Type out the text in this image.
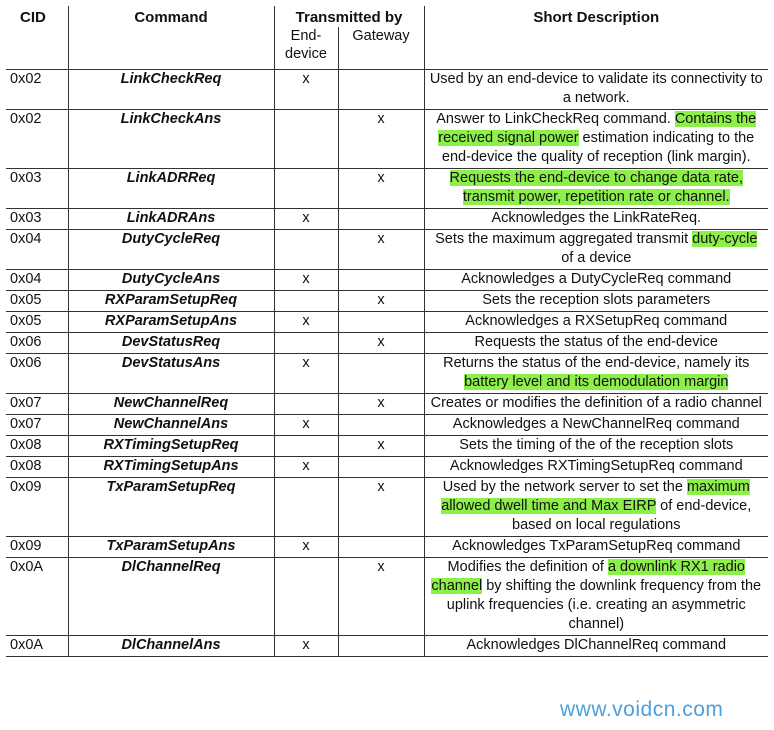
CID	Command	Transmitted by		Short Description
		End-device	Gateway	
0x02	LinkCheckReq	x		Used by an end-device to validate its connectivity to a network.
0x02	LinkCheckAns		x	Answer to LinkCheckReq command. Contains the received signal power estimation indicating to the end-device the quality of reception (link margin).
0x03	LinkADRReq		x	Requests the end-device to change data rate, transmit power, repetition rate or channel.
0x03	LinkADRAns	x		Acknowledges the LinkRateReq.
0x04	DutyCycleReq		x	Sets the maximum aggregated transmit duty-cycle of a device
0x04	DutyCycleAns	x		Acknowledges a DutyCycleReq command
0x05	RXParamSetupReq		x	Sets the reception slots parameters
0x05	RXParamSetupAns	x		Acknowledges a RXSetupReq command
0x06	DevStatusReq		x	Requests the status of the end-device
0x06	DevStatusAns	x		Returns the status of the end-device, namely its battery level and its demodulation margin
0x07	NewChannelReq		x	Creates or modifies the definition of a radio channel
0x07	NewChannelAns	x		Acknowledges a NewChannelReq command
0x08	RXTimingSetupReq		x	Sets the timing of the of the reception slots
0x08	RXTimingSetupAns	x		Acknowledges RXTimingSetupReq command
0x09	TxParamSetupReq		x	Used by the network server to set the maximum allowed dwell time and Max EIRP of end-device, based on local regulations
0x09	TxParamSetupAns	x		Acknowledges TxParamSetupReq command
0x0A	DlChannelReq		x	Modifies the definition of a downlink RX1 radio channel by shifting the downlink frequency from the uplink frequencies (i.e. creating an asymmetric channel)
0x0A	DlChannelAns	x		Acknowledges DlChannelReq command
www.voidcn.com
